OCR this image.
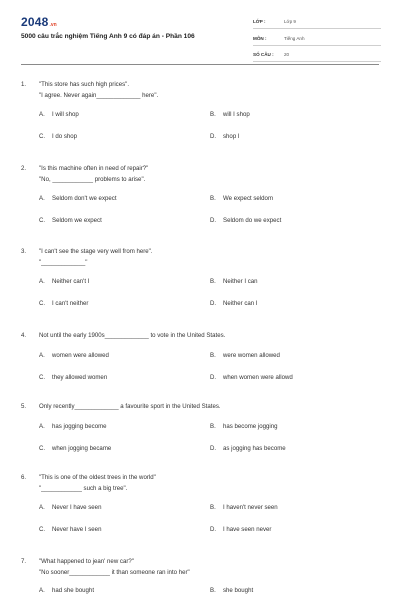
2048 .vn
5000 câu trắc nghiệm Tiếng Anh 9 có đáp án - Phần 106
LỚP :	Lớp 9
MÔN :	Tiếng Anh
SỐ CÂU :	20
1.	"This store has such high prices".
"I agree. Never again_____________ here".
A.	I will shop	B.	will I shop
C.	I do shop	D.	shop I
2.	"Is this machine often in need of repair?"
"No, ____________ problems to arise".
A.	Seldom don't we expect	B.	We expect seldom
C.	Seldom we expect	D.	Seldom do we expect
3.	"I can't see the stage very well from here".
"_____________"
A.	Neither can't I	B.	Neither I can
C.	I can't neither	D.	Neither can I
4.	Not until the early 1900s_____________ to vote in the United States.
A.	women were allowed	B.	were women allowed
C.	they allowed women	D.	when women were allowd
5.	Only recently_____________ a favourite sport in the United States.
A.	has jogging become	B.	has become jogging
C.	when jogging became	D.	as jogging has become
6.	"This is one of the oldest trees in the world"
"____________ such a big tree".
A.	Never I have seen	B.	I haven't never seen
C.	Never have I seen	D.	I have seen never
7.	"What happened to jean' new car?"
"No sooner____________ it than someone ran into her"
A.	had she bought	B.	she bought
